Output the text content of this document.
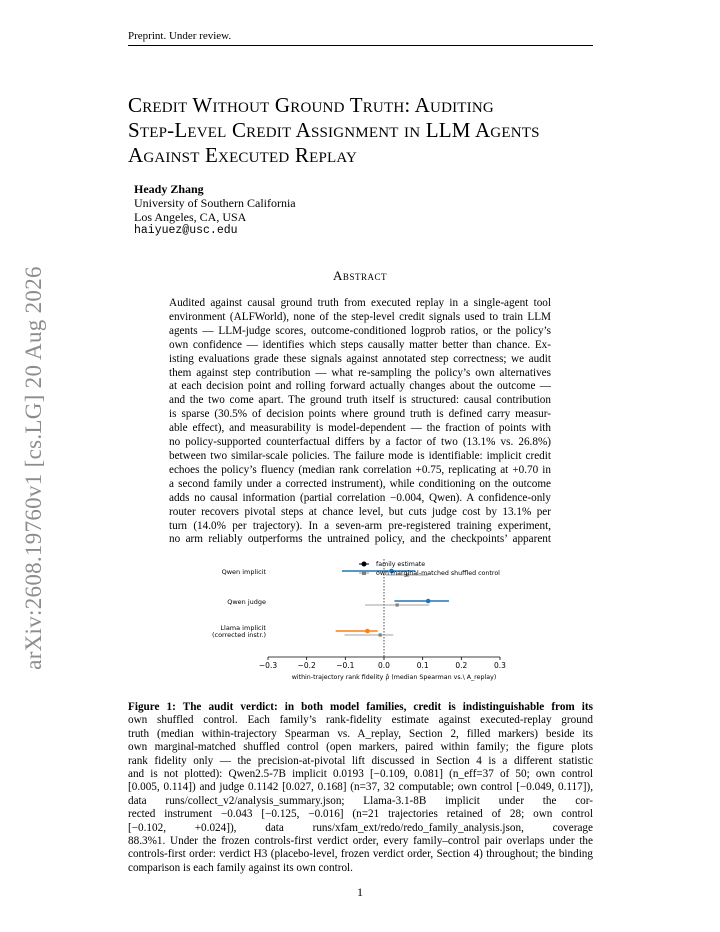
Preprint. Under review.
arXiv:2608.19760v1 [cs.LG] 20 Aug 2026
Credit Without Ground Truth: Auditing
Step-Level Credit Assignment in LLM Agents
Against Executed Replay
Heady Zhang
University of Southern California
Los Angeles, CA, USA
haiyuez@usc.edu
Abstract
Audited against causal ground truth from executed replay in a single-agent tool
environment (ALFWorld), none of the step-level credit signals used to train LLM
agents — LLM-judge scores, outcome-conditioned logprob ratios, or the policy’s
own confidence — identifies which steps causally matter better than chance. Ex-
isting evaluations grade these signals against annotated step correctness; we audit
them against step contribution — what re-sampling the policy’s own alternatives
at each decision point and rolling forward actually changes about the outcome —
and the two come apart. The ground truth itself is structured: causal contribution
is sparse (30.5% of decision points where ground truth is defined carry measur-
able effect), and measurability is model-dependent — the fraction of points with
no policy-supported counterfactual differs by a factor of two (13.1% vs. 26.8%)
between two similar-scale policies. The failure mode is identifiable: implicit credit
echoes the policy’s fluency (median rank correlation +0.75, replicating at +0.70 in
a second family under a corrected instrument), while conditioning on the outcome
adds no causal information (partial correlation −0.004, Qwen). A confidence-only
router recovers pivotal steps at chance level, but cuts judge cost by 13.1% per
turn (14.0% per trajectory). In a seven-arm pre-registered training experiment,
no arm reliably outperforms the untrained policy, and the checkpoints’ apparent
−0.3	−0.2	−0.1	0.0	0.1	0.2	0.3
within-trajectory rank fidelity ρ̂ (median Spearman vs.\ A_replay)
Qwen implicit
Qwen judge
Llama implicit
(corrected instr.)
family estimate
own marginal-matched shuffled control
Figure 1: The audit verdict: in both model families, credit is indistinguishable from its
own shuffled control. Each family’s rank-fidelity estimate against executed-replay ground
truth (median within-trajectory Spearman vs. A_replay, Section 2, filled markers) beside its
own marginal-matched shuffled control (open markers, paired within family; the figure plots
rank fidelity only — the precision-at-pivotal lift discussed in Section 4 is a different statistic
and is not plotted): Qwen2.5-7B implicit 0.0193 [−0.109, 0.081] (n_eff=37 of 50; own control
[0.005, 0.114]) and judge 0.1142 [0.027, 0.168] (n=37, 32 computable; own control [−0.049, 0.117]),
data runs/collect_v2/analysis_summary.json; Llama-3.1-8B implicit under the cor-
rected instrument −0.043 [−0.125, −0.016] (n=21 trajectories retained of 28; own control
[−0.102, +0.024]), data runs/xfam_ext/redo/redo_family_analysis.json, coverage
88.3%1. Under the frozen controls-first verdict order, every family–control pair overlaps under the
controls-first order: verdict H3 (placebo-level, frozen verdict order, Section 4) throughout; the binding
comparison is each family against its own control.
1
